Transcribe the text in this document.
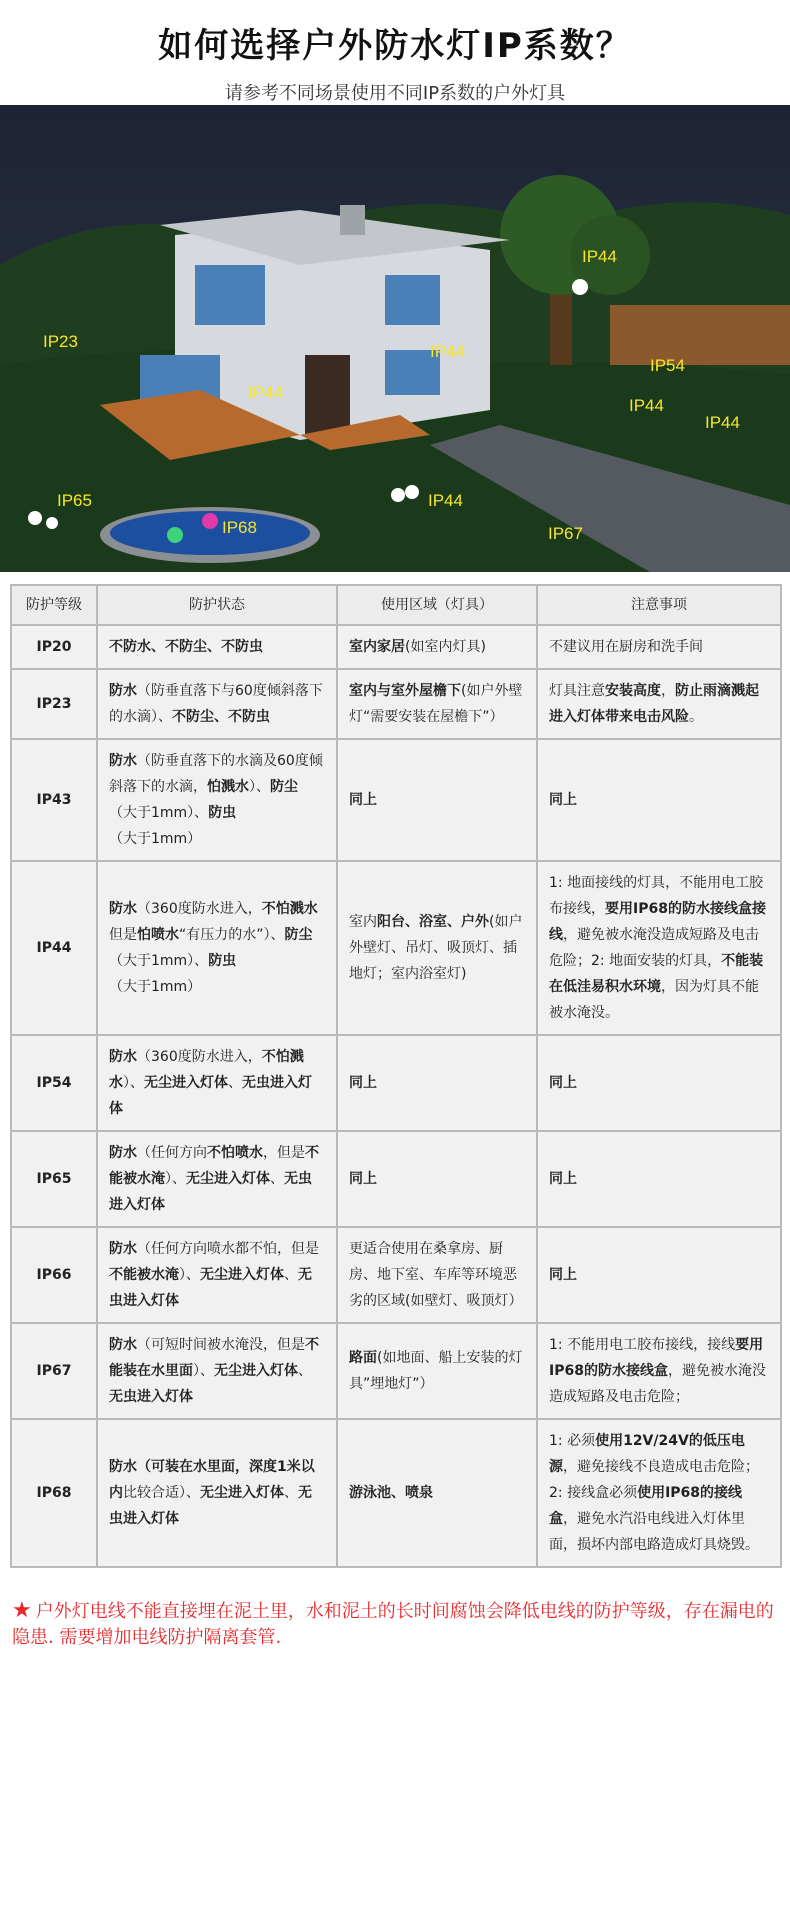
如何选择户外防水灯IP系数？
请参考不同场景使用不同IP系数的户外灯具
IP23
IP44
IP44
IP44
IP54
IP44
IP44
IP65
IP68
IP44
IP67
防护等级	防护状态	使用区域（灯具）	注意事项
IP20	不防水、不防尘、不防虫	室内家居(如室内灯具)	不建议用在厨房和洗手间
IP23	防水（防垂直落下与60度倾斜落下的水滴）、不防尘、不防虫	室内与室外屋檐下(如户外壁灯“需要安装在屋檐下”）	灯具注意安装高度，防止雨滴溅起进入灯体带来电击风险。
IP43	防水（防垂直落下的水滴及60度倾斜落下的水滴，怕溅水）、防尘（大于1mm）、防虫（大于1mm）	同上	同上
IP44	防水（360度防水进入，不怕溅水但是怕喷水“有压力的水”）、防尘（大于1mm）、防虫（大于1mm）	室内阳台、浴室、户外(如户外壁灯、吊灯、吸顶灯、插地灯；室内浴室灯)	1: 地面接线的灯具，不能用电工胶布接线，要用IP68的防水接线盒接线，避免被水淹没造成短路及电击危险；2: 地面安装的灯具，不能装在低洼易积水环境，因为灯具不能被水淹没。
IP54	防水（360度防水进入，不怕溅水）、无尘进入灯体、无虫进入灯体	同上	同上
IP65	防水（任何方向不怕喷水，但是不能被水淹）、无尘进入灯体、无虫进入灯体	同上	同上
IP66	防水（任何方向喷水都不怕，但是不能被水淹）、无尘进入灯体、无虫进入灯体	更适合使用在桑拿房、厨房、地下室、车库等环境恶劣的区域(如壁灯、吸顶灯）	同上
IP67	防水（可短时间被水淹没，但是不能装在水里面）、无尘进入灯体、无虫进入灯体	路面(如地面、船上安装的灯具”埋地灯”）	1: 不能用电工胶布接线，接线要用IP68的防水接线盒，避免被水淹没造成短路及电击危险；
IP68	防水（可装在水里面，深度1米以内比较合适）、无尘进入灯体、无虫进入灯体	游泳池、喷泉	1: 必须使用12V/24V的低压电源，避免接线不良造成电击危险；2: 接线盒必须使用IP68的接线盒，避免水汽沿电线进入灯体里面，损坏内部电路造成灯具烧毁。
★ 户外灯电线不能直接埋在泥土里，水和泥土的长时间腐蚀会降低电线的防护等级，存在漏电的隐患. 需要增加电线防护隔离套管.
